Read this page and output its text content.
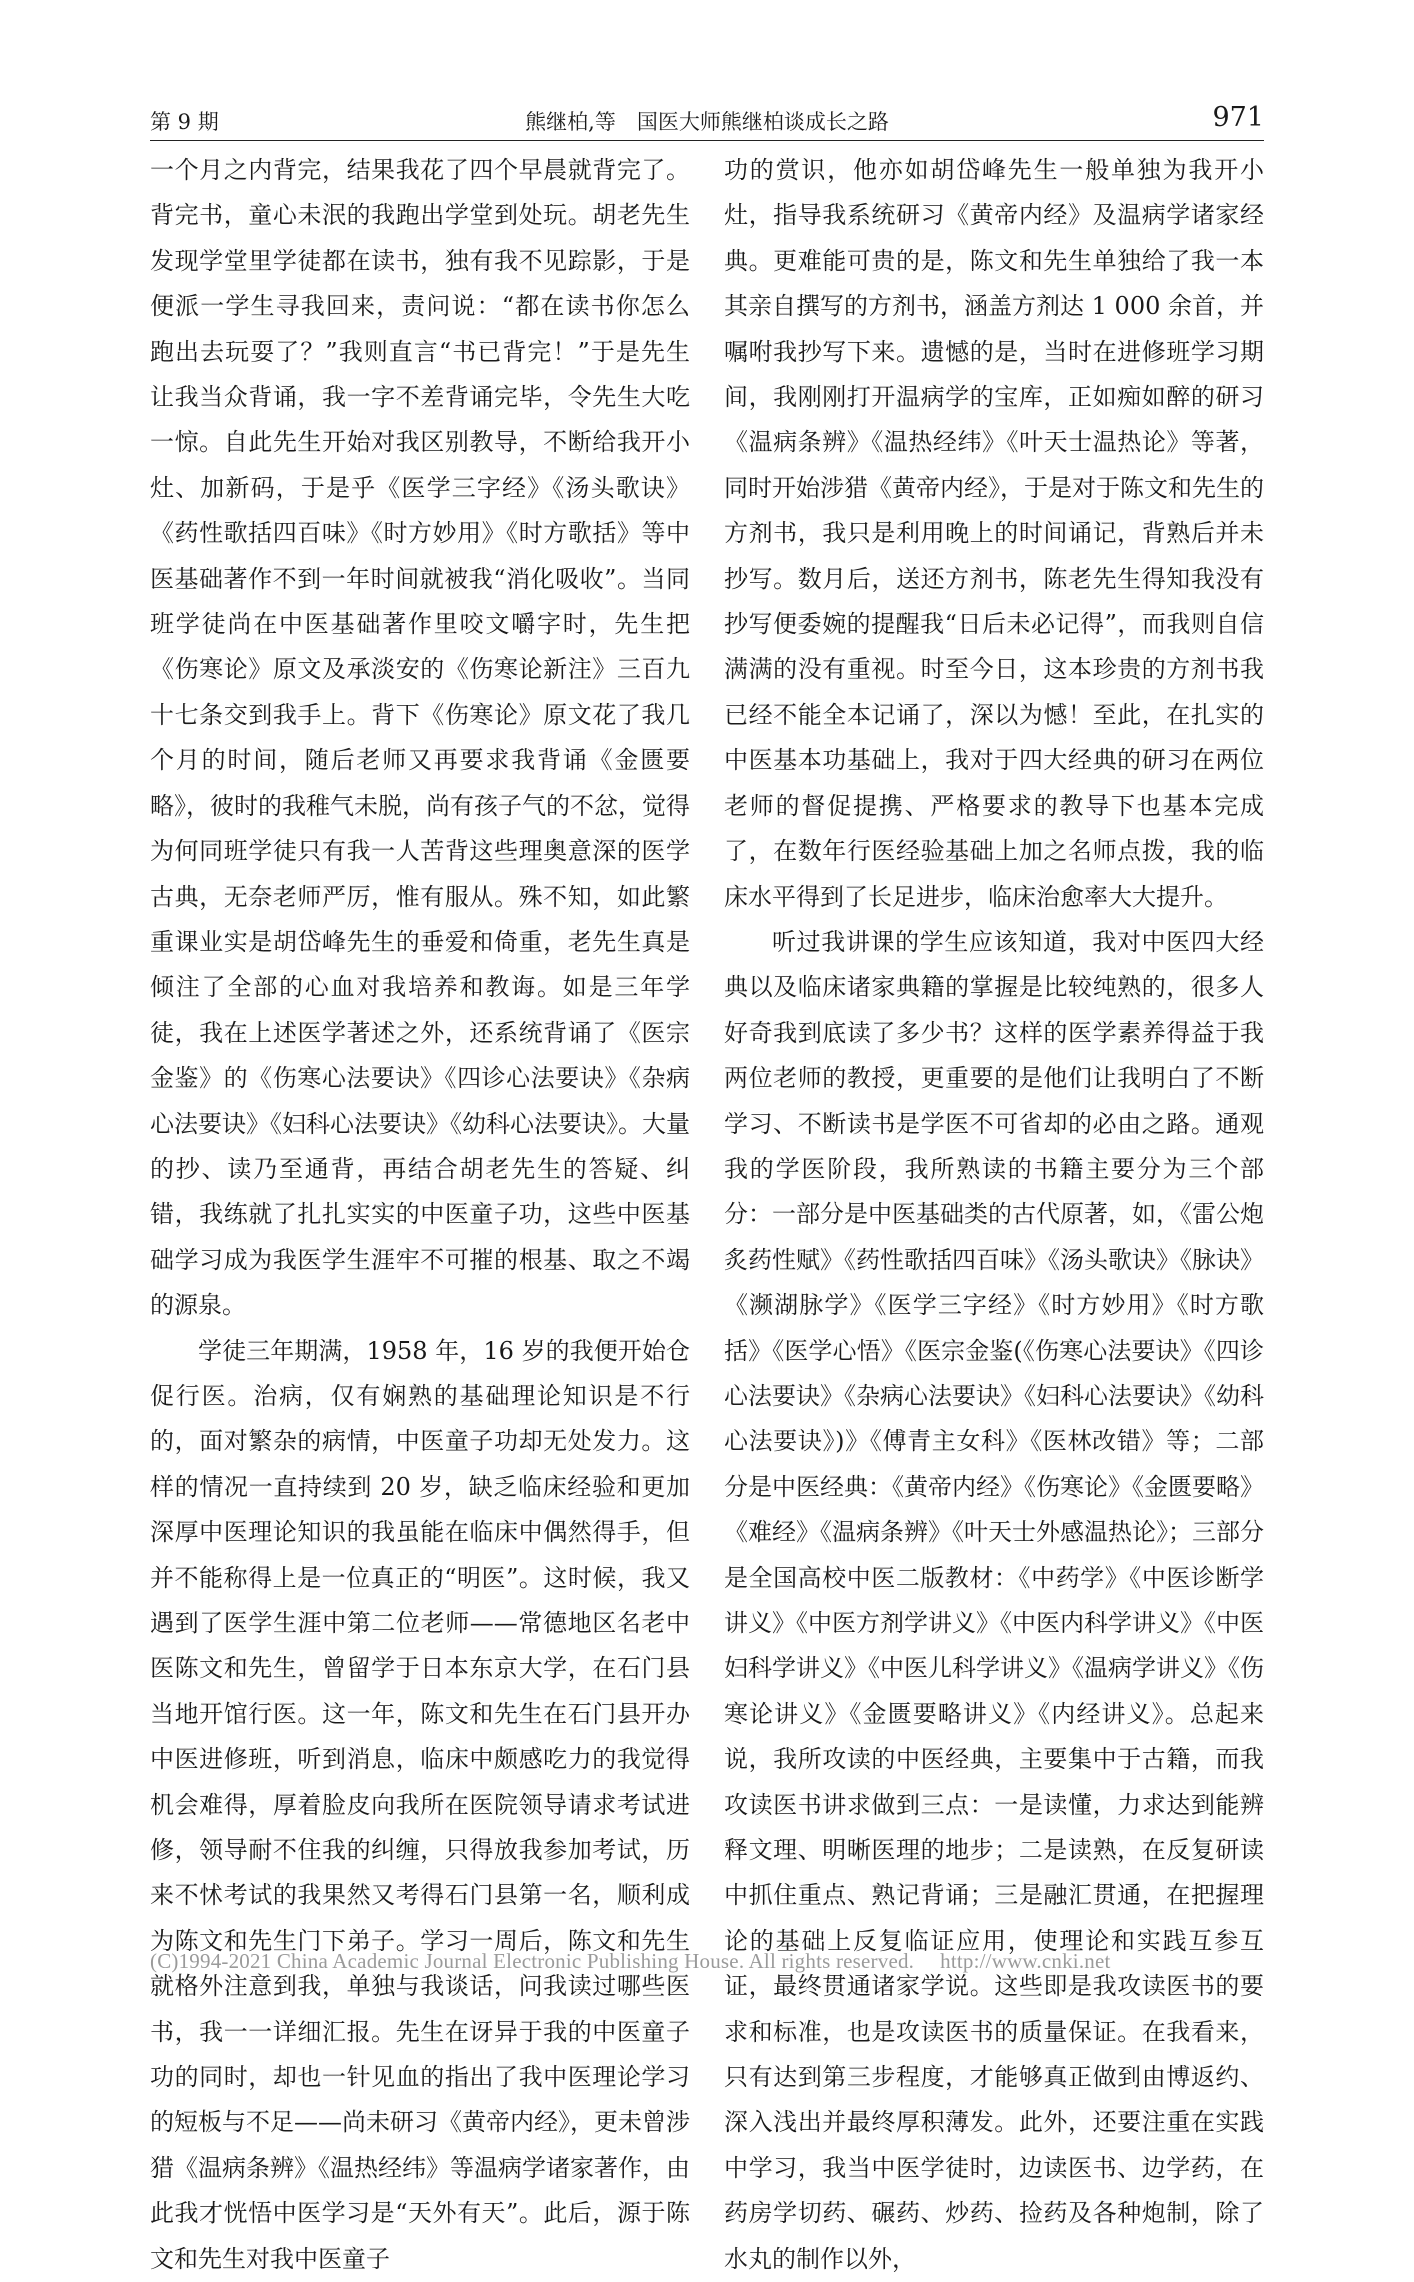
第 9 期	熊继柏,等　国医大师熊继柏谈成长之路	971

一个月之内背完，结果我花了四个早晨就背完了。背完书，童心未泯的我跑出学堂到处玩。胡老先生发现学堂里学徒都在读书，独有我不见踪影，于是便派一学生寻我回来，责问说：“都在读书你怎么跑出去玩耍了？”我则直言“书已背完！”于是先生让我当众背诵，我一字不差背诵完毕，令先生大吃一惊。自此先生开始对我区别教导，不断给我开小灶、加新码，于是乎《医学三字经》《汤头歌诀》《药性歌括四百味》《时方妙用》《时方歌括》等中医基础著作不到一年时间就被我“消化吸收”。当同班学徒尚在中医基础著作里咬文嚼字时，先生把《伤寒论》原文及承淡安的《伤寒论新注》三百九十七条交到我手上。背下《伤寒论》原文花了我几个月的时间，随后老师又再要求我背诵《金匮要略》，彼时的我稚气未脱，尚有孩子气的不忿，觉得为何同班学徒只有我一人苦背这些理奥意深的医学古典，无奈老师严厉，惟有服从。殊不知，如此繁重课业实是胡岱峰先生的垂爱和倚重，老先生真是倾注了全部的心血对我培养和教诲。如是三年学徒，我在上述医学著述之外，还系统背诵了《医宗金鉴》的《伤寒心法要诀》《四诊心法要诀》《杂病心法要诀》《妇科心法要诀》《幼科心法要诀》。大量的抄、读乃至通背，再结合胡老先生的答疑、纠错，我练就了扎扎实实的中医童子功，这些中医基础学习成为我医学生涯牢不可摧的根基、取之不竭的源泉。

学徒三年期满，1958 年，16 岁的我便开始仓促行医。治病，仅有娴熟的基础理论知识是不行的，面对繁杂的病情，中医童子功却无处发力。这样的情况一直持续到 20 岁，缺乏临床经验和更加深厚中医理论知识的我虽能在临床中偶然得手，但并不能称得上是一位真正的“明医”。这时候，我又遇到了医学生涯中第二位老师——常德地区名老中医陈文和先生，曾留学于日本东京大学，在石门县当地开馆行医。这一年，陈文和先生在石门县开办中医进修班，听到消息，临床中颇感吃力的我觉得机会难得，厚着脸皮向我所在医院领导请求考试进修，领导耐不住我的纠缠，只得放我参加考试，历来不怵考试的我果然又考得石门县第一名，顺利成为陈文和先生门下弟子。学习一周后，陈文和先生就格外注意到我，单独与我谈话，问我读过哪些医书，我一一详细汇报。先生在讶异于我的中医童子功的同时，却也一针见血的指出了我中医理论学习的短板与不足——尚未研习《黄帝内经》，更未曾涉猎《温病条辨》《温热经纬》等温病学诸家著作，由此我才恍悟中医学习是“天外有天”。此后，源于陈文和先生对我中医童子

功的赏识，他亦如胡岱峰先生一般单独为我开小灶，指导我系统研习《黄帝内经》及温病学诸家经典。更难能可贵的是，陈文和先生单独给了我一本其亲自撰写的方剂书，涵盖方剂达 1 000 余首，并嘱咐我抄写下来。遗憾的是，当时在进修班学习期间，我刚刚打开温病学的宝库，正如痴如醉的研习《温病条辨》《温热经纬》《叶天士温热论》等著，同时开始涉猎《黄帝内经》，于是对于陈文和先生的方剂书，我只是利用晚上的时间诵记，背熟后并未抄写。数月后，送还方剂书，陈老先生得知我没有抄写便委婉的提醒我“日后未必记得”，而我则自信满满的没有重视。时至今日，这本珍贵的方剂书我已经不能全本记诵了，深以为憾！至此，在扎实的中医基本功基础上，我对于四大经典的研习在两位老师的督促提携、严格要求的教导下也基本完成了，在数年行医经验基础上加之名师点拨，我的临床水平得到了长足进步，临床治愈率大大提升。

听过我讲课的学生应该知道，我对中医四大经典以及临床诸家典籍的掌握是比较纯熟的，很多人好奇我到底读了多少书？这样的医学素养得益于我两位老师的教授，更重要的是他们让我明白了不断学习、不断读书是学医不可省却的必由之路。通观我的学医阶段，我所熟读的书籍主要分为三个部分：一部分是中医基础类的古代原著，如，《雷公炮炙药性赋》《药性歌括四百味》《汤头歌诀》《脉诀》《濒湖脉学》《医学三字经》《时方妙用》《时方歌括》《医学心悟》《医宗金鉴(《伤寒心法要诀》《四诊心法要诀》《杂病心法要诀》《妇科心法要诀》《幼科心法要诀》)》《傅青主女科》《医林改错》等；二部分是中医经典：《黄帝内经》《伤寒论》《金匮要略》《难经》《温病条辨》《叶天士外感温热论》；三部分是全国高校中医二版教材：《中药学》《中医诊断学讲义》《中医方剂学讲义》《中医内科学讲义》《中医妇科学讲义》《中医儿科学讲义》《温病学讲义》《伤寒论讲义》《金匮要略讲义》《内经讲义》。总起来说，我所攻读的中医经典，主要集中于古籍，而我攻读医书讲求做到三点：一是读懂，力求达到能辨释文理、明晰医理的地步；二是读熟，在反复研读中抓住重点、熟记背诵；三是融汇贯通，在把握理论的基础上反复临证应用，使理论和实践互参互证，最终贯通诸家学说。这些即是我攻读医书的要求和标准，也是攻读医书的质量保证。在我看来，只有达到第三步程度，才能够真正做到由博返约、深入浅出并最终厚积薄发。此外，还要注重在实践中学习，我当中医学徒时，边读医书、边学药，在药房学切药、碾药、炒药、捡药及各种炮制，除了水丸的制作以外，

(C)1994-2021 China Academic Journal Electronic Publishing House. All rights reserved. http://www.cnki.net
